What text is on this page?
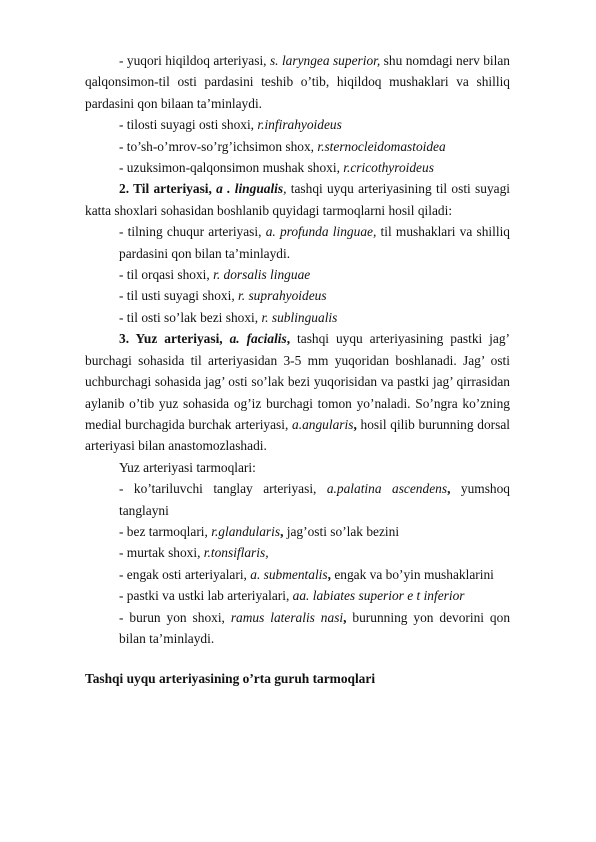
- yuqori hiqildoq arteriyasi, s. laryngea superior, shu nomdagi nerv bilan qalqonsimon-til osti pardasini teshib o’tib, hiqildoq mushaklari va shilliq pardasini qon bilaan ta’minlaydi.

- tilosti suyagi osti shoxi, r.infirahyoideus

- to’sh-o’mrov-so’rg’ichsimon shox, r.sternocleidomastoidea

- uzuksimon-qalqonsimon mushak shoxi, r.cricothyroideus

2. Til arteriyasi, a . lingualis, tashqi uyqu arteriyasining til osti suyagi katta shoxlari sohasidan boshlanib quyidagi tarmoqlarni hosil qiladi:

- tilning chuqur arteriyasi, a. profunda linguae, til mushaklari va shilliq pardasini qon bilan ta’minlaydi.

- til orqasi shoxi, r. dorsalis linguae

- til usti suyagi shoxi, r. suprahyoideus

- til osti so’lak bezi shoxi, r. sublingualis

3. Yuz arteriyasi, a. facialis, tashqi uyqu arteriyasining pastki jag’ burchagi sohasida til arteriyasidan 3-5 mm yuqoridan boshlanadi. Jag’ osti uchburchagi sohasida jag’ osti so’lak bezi yuqorisidan va pastki jag’ qirrasidan aylanib o’tib yuz sohasida og’iz burchagi tomon yo’naladi. So’ngra ko’zning medial burchagida burchak arteriyasi, a.angularis, hosil qilib burunning dorsal arteriyasi bilan anastomozlashadi.

Yuz arteriyasi tarmoqlari:

- ko’tariluvchi tanglay arteriyasi, a.palatina ascendens, yumshoq tanglayni

- bez tarmoqlari, r.glandularis, jag’osti so’lak bezini

- murtak shoxi, r.tonsiflaris,

- engak osti arteriyalari, a. submentalis, engak va bo’yin mushaklarini

- pastki va ustki lab arteriyalari, aa. labiates superior e t inferior

- burun yon shoxi, ramus lateralis nasi, burunning yon devorini qon bilan ta’minlaydi.

Tashqi uyqu arteriyasining o’rta guruh tarmoqlari
